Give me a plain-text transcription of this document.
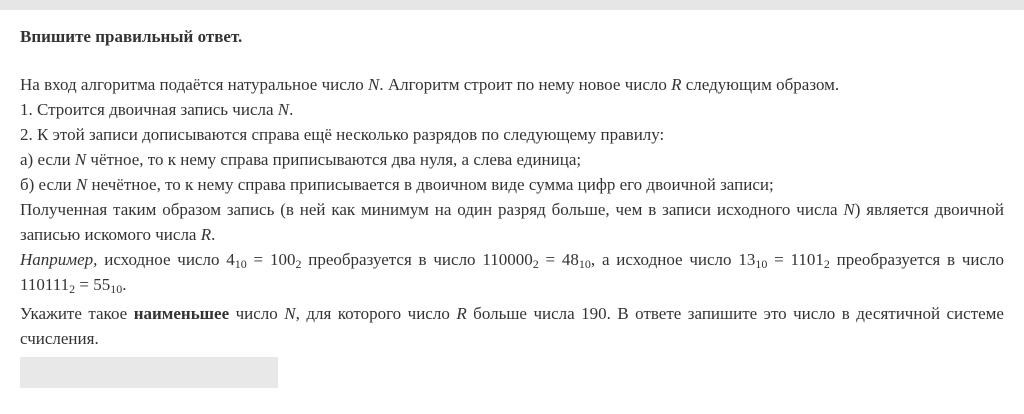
Впишите правильный ответ.

На вход алгоритма подаётся натуральное число N. Алгоритм строит по нему новое число R следующим образом.

1. Строится двоичная запись числа N.

2. К этой записи дописываются справа ещё несколько разрядов по следующему правилу:

а) если N чётное, то к нему справа приписываются два нуля, а слева единица;

б) если N нечётное, то к нему справа приписывается в двоичном виде сумма цифр его двоичной записи;

Полученная таким образом запись (в ней как минимум на один разряд больше, чем в записи исходного числа N) является двоичной записью искомого числа R.

Например, исходное число $4_{10} = 100_2$ преобразуется в число $110000_2 = 48_{10}$, а исходное число $13_{10} = 1101_2$ преобразуется в число $110111_2 = 55_{10}$.

Укажите такое наименьшее число N, для которого число R больше числа 190. В ответе запишите это число в десятичной системе счисления.
